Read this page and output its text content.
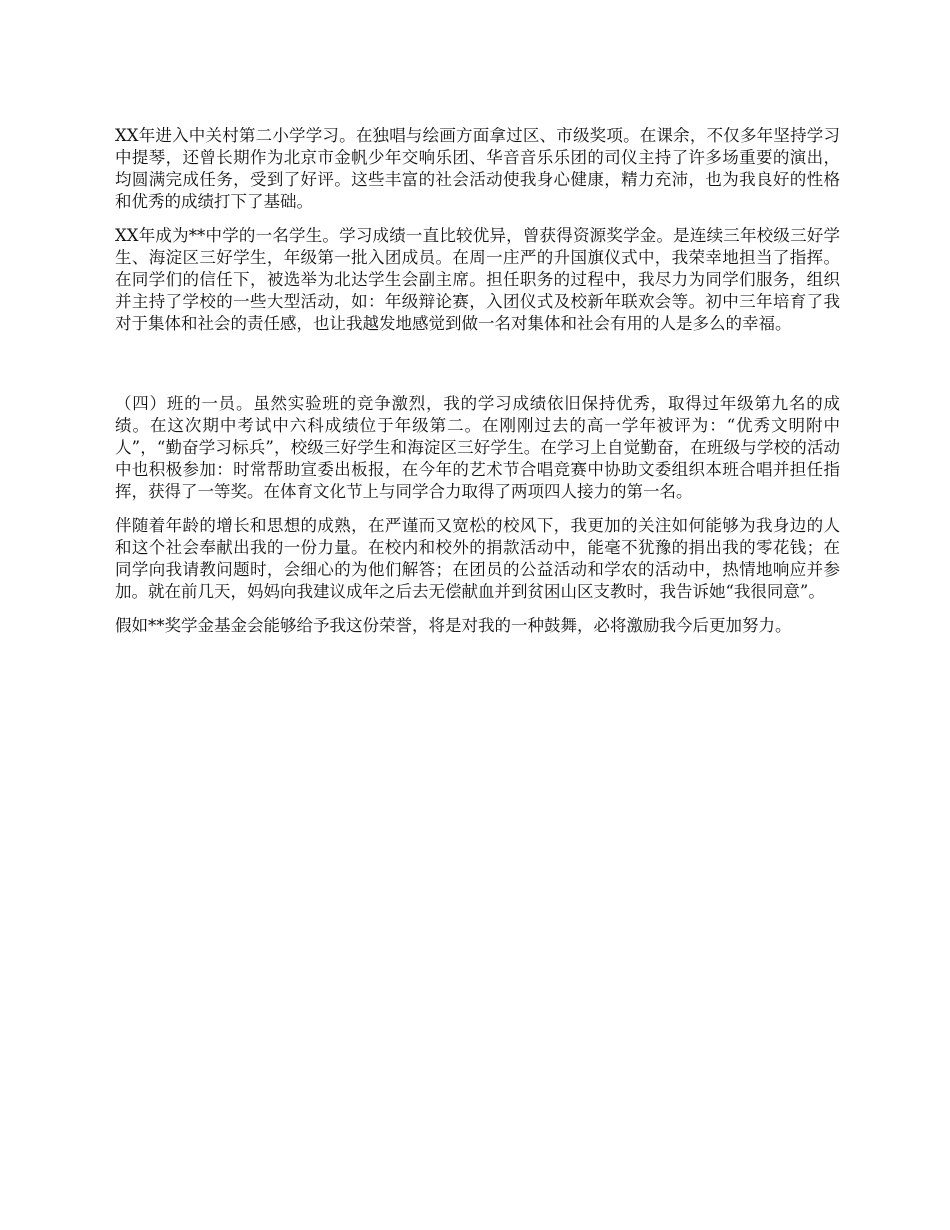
XX年进入中关村第二小学学习。在独唱与绘画方面拿过区、市级奖项。在课余，不仅多年坚持学习中提琴，还曾长期作为北京市金帆少年交响乐团、华音音乐乐团的司仪主持了许多场重要的演出，均圆满完成任务，受到了好评。这些丰富的社会活动使我身心健康，精力充沛，也为我良好的性格和优秀的成绩打下了基础。

XX年成为**中学的一名学生。学习成绩一直比较优异，曾获得资源奖学金。是连续三年校级三好学生、海淀区三好学生，年级第一批入团成员。在周一庄严的升国旗仪式中，我荣幸地担当了指挥。在同学们的信任下，被选举为北达学生会副主席。担任职务的过程中，我尽力为同学们服务，组织并主持了学校的一些大型活动，如：年级辩论赛，入团仪式及校新年联欢会等。初中三年培育了我对于集体和社会的责任感，也让我越发地感觉到做一名对集体和社会有用的人是多么的幸福。

（四）班的一员。虽然实验班的竞争激烈，我的学习成绩依旧保持优秀，取得过年级第九名的成绩。在这次期中考试中六科成绩位于年级第二。在刚刚过去的高一学年被评为：“优秀文明附中人”，“勤奋学习标兵”，校级三好学生和海淀区三好学生。在学习上自觉勤奋，在班级与学校的活动中也积极参加：时常帮助宣委出板报，在今年的艺术节合唱竞赛中协助文委组织本班合唱并担任指挥，获得了一等奖。在体育文化节上与同学合力取得了两项四人接力的第一名。

伴随着年龄的增长和思想的成熟，在严谨而又宽松的校风下，我更加的关注如何能够为我身边的人和这个社会奉献出我的一份力量。在校内和校外的捐款活动中，能毫不犹豫的捐出我的零花钱；在同学向我请教问题时，会细心的为他们解答；在团员的公益活动和学农的活动中，热情地响应并参加。就在前几天，妈妈向我建议成年之后去无偿献血并到贫困山区支教时，我告诉她“我很同意”。

假如**奖学金基金会能够给予我这份荣誉，将是对我的一种鼓舞，必将激励我今后更加努力。
